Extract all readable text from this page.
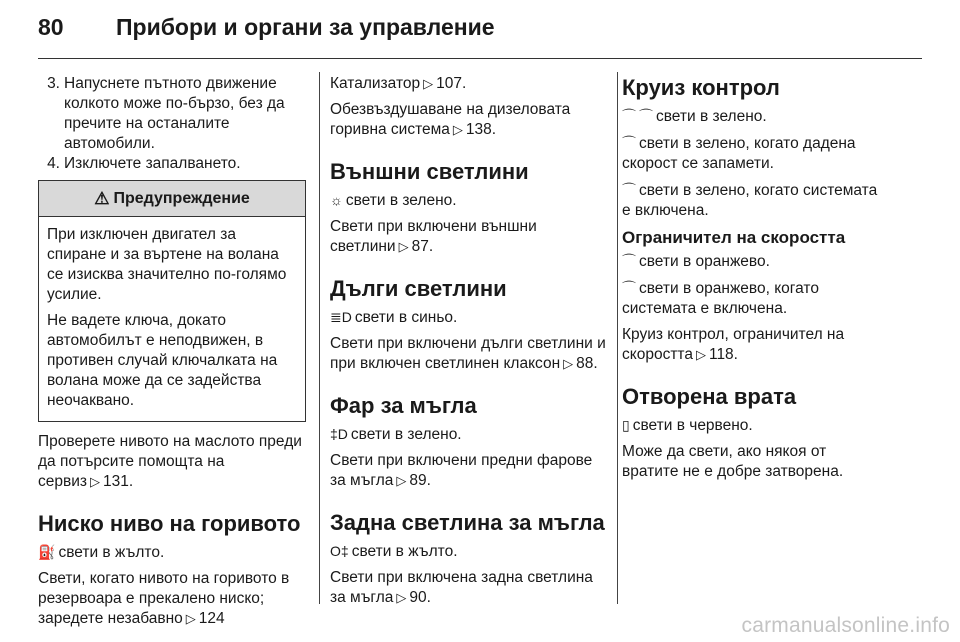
80	Прибори и органи за управление
3. Напуснете пътното движение колкото може по-бързо, без да пречите на останалите автомобили.
4. Изключете запалването.
⚠ Предупреждение

При изключен двигател за спиране и за въртене на волана се изисква значително по-голямо усилие.

Не вадете ключа, докато автомобилът е неподвижен, в противен случай ключалката на волана може да се задейства неочаквано.

Проверете нивото на маслото преди да потърсите помощта на сервиз ▷ 131.

Ниско ниво на горивото

⛽ свети в жълто.

Свети, когато нивото на горивото в резервоара е прекалено ниско; заредете незабавно ▷ 124

Катализатор ▷ 107.

Обезвъздушаване на дизеловата горивна система ▷ 138.

Външни светлини

☼ свети в зелено.

Свети при включени външни светлини ▷ 87.

Дълги светлини

≣D свети в синьо.

Свети при включени дълги светлини и при включен светлинен клаксон ▷ 88.

Фар за мъгла

‡D свети в зелено.

Свети при включени предни фарове за мъгла ▷ 89.

Задна светлина за мъгла

O‡ свети в жълто.

Свети при включена задна светлина за мъгла ▷ 90.

Круиз контрол

⌒ ⌒ свети в зелено.

⌒ свети в зелено, когато дадена скорост се запамети.

⌒ свети в зелено, когато системата е включена.

Ограничител на скоростта

⌒ свети в оранжево.

⌒ свети в оранжево, когато системата е включена.

Круиз контрол, ограничител на скоростта ▷ 118.

Отворена врата

▯ свети в червено.

Може да свети, ако някоя от вратите не е добре затворена.

carmanualsonline.info
